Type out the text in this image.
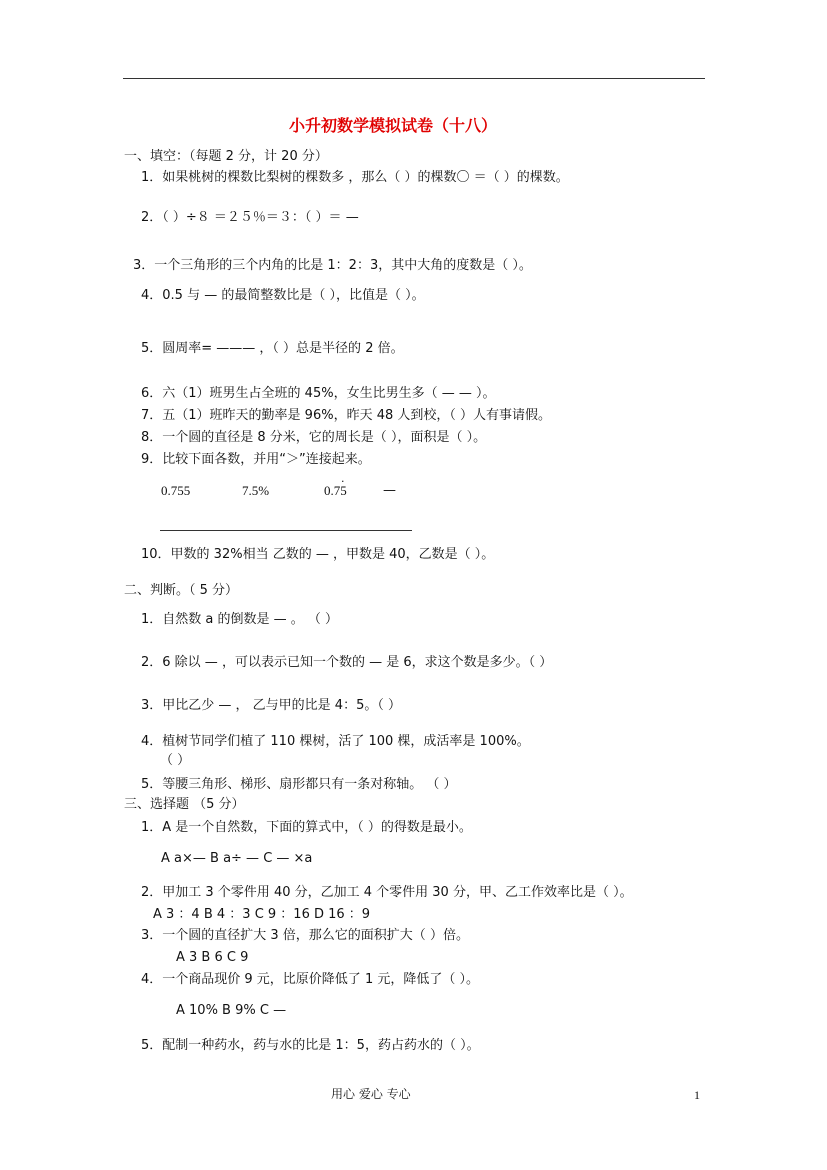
小升初数学模拟试卷（十八）
一、填空：（每题 2 分，计 20 分）
1．如果桃树的棵数比梨树的棵数多 ，那么（ ）的棵数〇 ＝（ ）的棵数。
2．（ ）÷８ ＝２５％＝３：（ ）＝ —
3．一个三角形的三个内角的比是 1：2：3，其中大角的度数是（ ）。
4．0.5 与 — 的最简整数比是（ ），比值是（ ）。
5．圆周率= ——— ，（ ）总是半径的 2 倍。
6．六（1）班男生占全班的 45%，女生比男生多（ — — ）。
7．五（1）班昨天的勤率是 96%，昨天 48 人到校，（ ）人有事请假。
8．一个圆的直径是 8 分米，它的周长是（ ），面积是（ ）。
9．比较下面各数，并用“＞”连接起来。
0.755	7.5%
.
0.75	—
10．甲数的 32%相当 乙数的 — ，甲数是 40，乙数是（ ）。
二、判断。（ 5 分）
1．自然数 a 的倒数是 — 。 （ ）
2．6 除以 — ，可以表示已知一个数的 — 是 6，求这个数是多少。（ ）
3．甲比乙少 — ， 乙与甲的比是 4：5。（ ）
4．植树节同学们植了 110 棵树，活了 100 棵，成活率是 100%。
（ ）
5．等腰三角形、梯形、扇形都只有一条对称轴。 （ ）
三、选择题 （5 分）
1．A 是一个自然数，下面的算式中，（ ）的得数是最小。
A a×— B a÷ — C — ×a
2．甲加工 3 个零件用 40 分，乙加工 4 个零件用 30 分，甲、乙工作效率比是（ ）。
A 3 ：4 B 4 ：3 C 9 ：16 D 16 ：9
3．一个圆的直径扩大 3 倍，那么它的面积扩大（ ）倍。
A 3 B 6 C 9
4．一个商品现价 9 元，比原价降低了 1 元，降低了（ ）。
A 10% B 9% C —
5．配制一种药水，药与水的比是 1：5，药占药水的（ ）。
用心 爱心 专心	1
